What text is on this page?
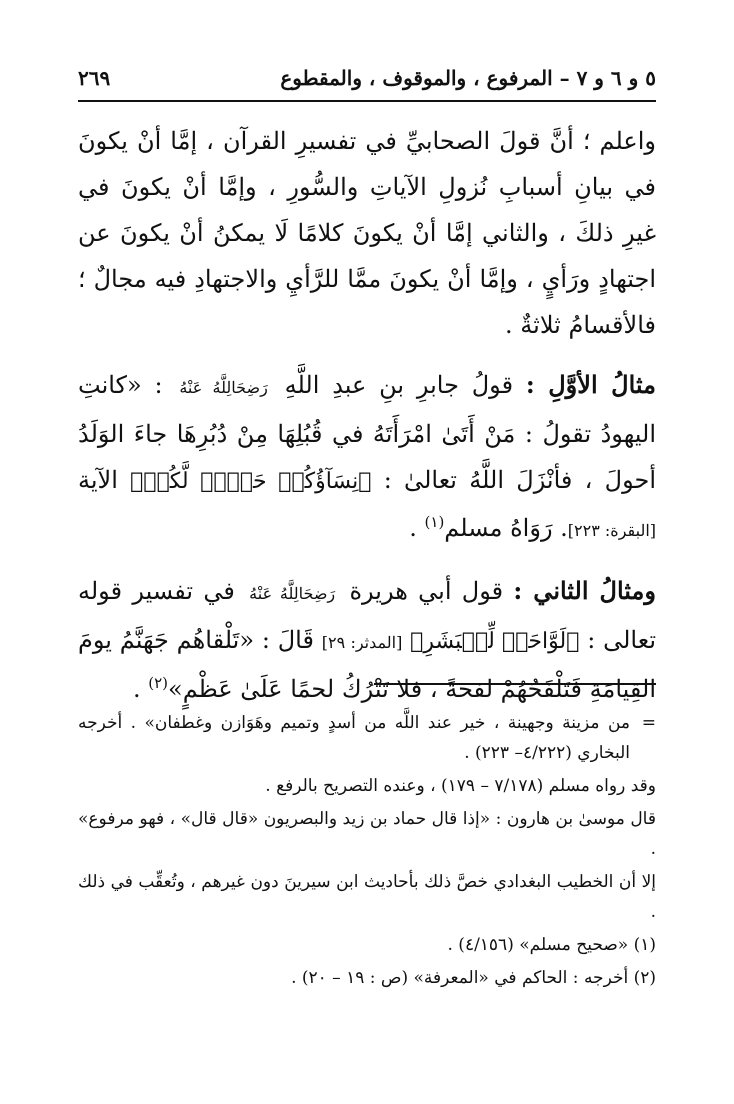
٥ و ٦ و ٧ – المرفوع ، والموقوف ، والمقطوع
٢٦٩

واعلم ؛ أنَّ قولَ الصحابيِّ في تفسيرِ القرآن ، إمَّا أنْ يكونَ في بيانِ أسبابِ نُزولِ الآياتِ والسُّورِ ، وإمَّا أنْ يكونَ في غيرِ ذلكَ ، والثاني إمَّا أنْ يكونَ كلامًا لَا يمكنُ أنْ يكونَ عن اجتهادٍ ورَأيٍ ، وإمَّا أنْ يكونَ ممَّا للرَّأيِ والاجتهادِ فيه مجالٌ ؛ فالأقسامُ ثلاثةٌ .

مثالُ الأوَّلِ : قولُ جابرِ بنِ عبدِ اللَّهِ رَضِحَالِلَّهُ عَنْهُ : «كانتِ اليهودُ تقولُ : مَنْ أَتَىٰ امْرَأَتَهُ في قُبُلِهَا مِنْ دُبُرِهَا جاءَ الوَلَدُ أحولَ ، فأنْزَلَ اللَّهُ تعالىٰ : ﴿نِسَآؤُكُمۡ حَرۡثٞ لَّكُمۡ﴾ الآية [البقرة: ٢٢٣]. رَوَاهُ مسلم$^{(١)}$ .

ومثالُ الثاني : قول أبي هريرة رَضِحَالِلَّهُ عَنْهُ في تفسير قوله تعالى : ﴿لَوَّاحَةٞ لِّلۡبَشَرِ﴾ [المدثر: ٢٩] قَالَ : «تَلْقاهُم جَهَنَّمُ يومَ القِيامَةِ فَتَلْفَحُهُمْ لفحةً ، فلا تَتْرُكُ لحمًا عَلَىٰ عَظْمٍ»$^{(٢)}$ .

=
من مزينة وجهينة ، خير عند اللَّه من أسدٍ وتميم وهَوَازن وغطفان» . أخرجه البخاري (٤/٢٢٢– ٢٢٣) .

وقد رواه مسلم (٧/١٧٨ – ١٧٩) ، وعنده التصريح بالرفع .

قال موسىٰ بن هارون : «إذا قال حماد بن زيد والبصريون «قال قال» ، فهو مرفوع» .

إلا أن الخطيب البغدادي خصَّ ذلك بأحاديث ابن سيرينَ دون غيرهم ، وتُعقِّب في ذلك .

(١) «صحيح مسلم» (٤/١٥٦) .

(٢) أخرجه : الحاكم في «المعرفة» (ص : ١٩ – ٢٠) .
